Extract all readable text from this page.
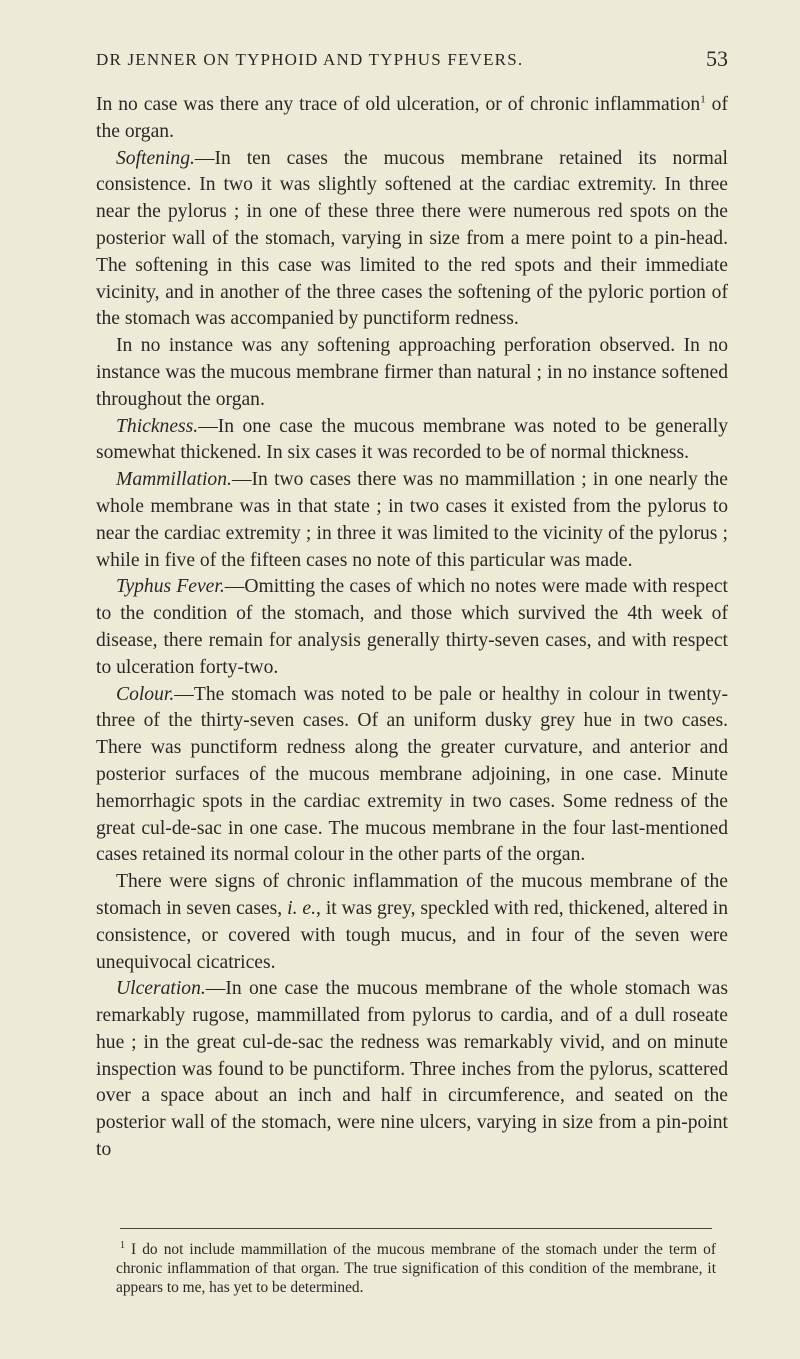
DR JENNER ON TYPHOID AND TYPHUS FEVERS.	53

In no case was there any trace of old ulceration, or of chronic inflammation$^1$ of the organ.

Softening.—In ten cases the mucous membrane retained its normal consistence. In two it was slightly softened at the cardiac extremity. In three near the pylorus ; in one of these three there were numerous red spots on the posterior wall of the stomach, varying in size from a mere point to a pin-head. The softening in this case was limited to the red spots and their immediate vicinity, and in another of the three cases the softening of the pyloric portion of the stomach was accompanied by punctiform redness.

In no instance was any softening approaching perforation observed. In no instance was the mucous membrane firmer than natural ; in no instance softened throughout the organ.

Thickness.—In one case the mucous membrane was noted to be generally somewhat thickened. In six cases it was recorded to be of normal thickness.

Mammillation.—In two cases there was no mammillation ; in one nearly the whole membrane was in that state ; in two cases it existed from the pylorus to near the cardiac extremity ; in three it was limited to the vicinity of the pylorus ; while in five of the fifteen cases no note of this particular was made.

Typhus Fever.—Omitting the cases of which no notes were made with respect to the condition of the stomach, and those which survived the 4th week of disease, there remain for analysis generally thirty-seven cases, and with respect to ulceration forty-two.

Colour.—The stomach was noted to be pale or healthy in colour in twenty-three of the thirty-seven cases. Of an uniform dusky grey hue in two cases. There was punctiform redness along the greater curvature, and anterior and posterior surfaces of the mucous membrane adjoining, in one case. Minute hemorrhagic spots in the cardiac extremity in two cases. Some redness of the great cul-de-sac in one case. The mucous membrane in the four last-mentioned cases retained its normal colour in the other parts of the organ.

There were signs of chronic inflammation of the mucous membrane of the stomach in seven cases, i. e., it was grey, speckled with red, thickened, altered in consistence, or covered with tough mucus, and in four of the seven were unequivocal cicatrices.

Ulceration.—In one case the mucous membrane of the whole stomach was remarkably rugose, mammillated from pylorus to cardia, and of a dull roseate hue ; in the great cul-de-sac the redness was remarkably vivid, and on minute inspection was found to be punctiform. Three inches from the pylorus, scattered over a space about an inch and half in circumference, and seated on the posterior wall of the stomach, were nine ulcers, varying in size from a pin-point to

$^1$ I do not include mammillation of the mucous membrane of the stomach under the term of chronic inflammation of that organ. The true signification of this condition of the membrane, it appears to me, has yet to be determined.
